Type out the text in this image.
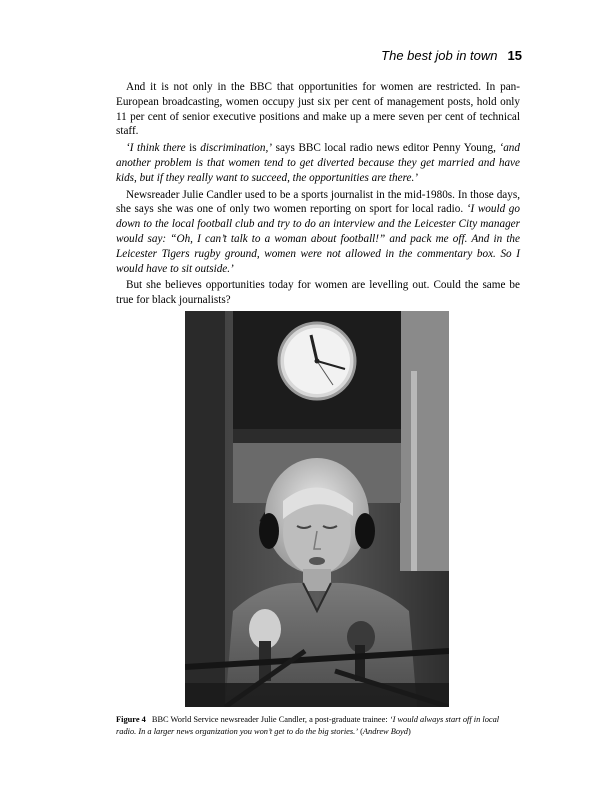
The best job in town 15

And it is not only in the BBC that opportunities for women are restricted. In pan-European broadcasting, women occupy just six per cent of management posts, hold only 11 per cent of senior executive positions and make up a mere seven per cent of technical staff.

‘I think there is discrimination,’ says BBC local radio news editor Penny Young, ‘and another problem is that women tend to get diverted because they get married and have kids, but if they really want to succeed, the opportunities are there.’

Newsreader Julie Candler used to be a sports journalist in the mid-1980s. In those days, she says she was one of only two women reporting on sport for local radio. ‘I would go down to the local football club and try to do an interview and the Leicester City manager would say: “Oh, I can’t talk to a woman about football!” and pack me off. And in the Leicester Tigers rugby ground, women were not allowed in the commentary box. So I would have to sit outside.’

But she believes opportunities today for women are levelling out. Could the same be true for black journalists?

Figure 4 BBC World Service newsreader Julie Candler, a post-graduate trainee: ‘I would always start off in local radio. In a larger news organization you won’t get to do the big stories.’ (Andrew Boyd)
